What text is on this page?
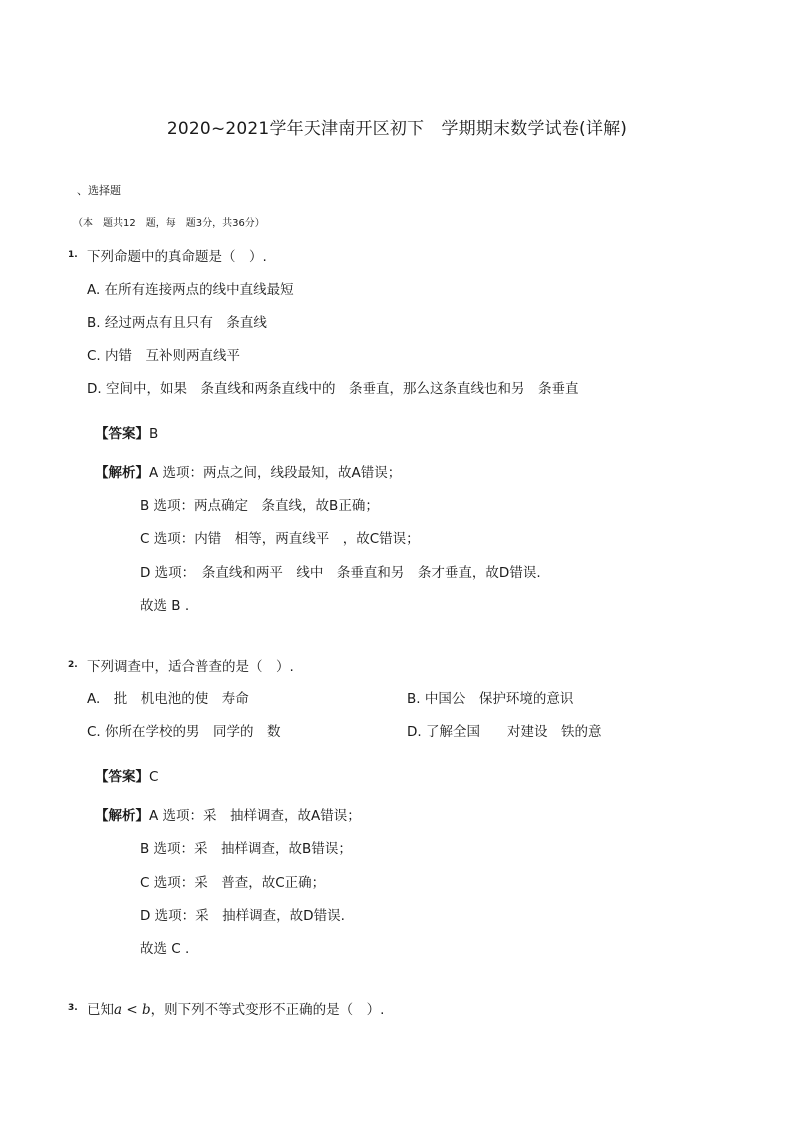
2020~2021学年天津南开区初下　学期期末数学试卷(详解)
、选择题
（本　题共12　题，每　题3分，共36分）
1. 下列命题中的真命题是（　）.
A. 在所有连接两点的线中直线最短
B. 经过两点有且只有　条直线
C. 内错　互补则两直线平
D. 空间中，如果　条直线和两条直线中的　条垂直，那么这条直线也和另　条垂直
【答案】B
【解析】A 选项：两点之间，线段最知，故A错误；
B 选项：两点确定　条直线，故B正确；
C 选项：内错　相等，两直线平　，故C错误；
D 选项：　条直线和两平　线中　条垂直和另　条才垂直，故D错误.
故选 B .
2. 下列调查中，适合普查的是（　）.
A.　批　机电池的使　寿命	B. 中国公　保护环境的意识
C. 你所在学校的男　同学的　数	D. 了解全国　　对建设　铁的意
【答案】C
【解析】A 选项：采　抽样调查，故A错误；
B 选项：采　抽样调查，故B错误；
C 选项：采　普查，故C正确；
D 选项：采　抽样调查，故D错误.
故选 C .
3. 已知a < b，则下列不等式变形不正确的是（　）.
